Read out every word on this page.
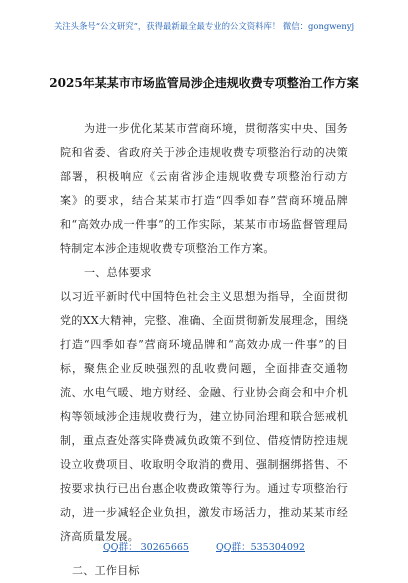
关注头条号“公文研究”，获得最新最全最专业的公文资料库！ 微信：gongwenyj
2025年某某市市场监管局涉企违规收费专项整治工作方案

为进一步优化某某市营商环境，贯彻落实中央、国务院和省委、省政府关于涉企违规收费专项整治行动的决策部署，积极响应《云南省涉企违规收费专项整治行动方案》的要求，结合某某市打造“四季如春”营商环境品牌和“高效办成一件事”的工作实际，某某市市场监督管理局特制定本涉企违规收费专项整治工作方案。

一、总体要求

以习近平新时代中国特色社会主义思想为指导，全面贯彻党的XX大精神，完整、准确、全面贯彻新发展理念，围绕打造“四季如春”营商环境品牌和“高效办成一件事”的目标，聚焦企业反映强烈的乱收费问题，全面排查交通物流、水电气暖、地方财经、金融、行业协会商会和中介机构等领域涉企违规收费行为，建立协同治理和联合惩戒机制，重点查处落实降费减负政策不到位、借疫情防控违规设立收费项目、收取明令取消的费用、强制捆绑搭售、不按要求执行已出台惠企收费政策等行为。通过专项整治行动，进一步减轻企业负担，激发市场活力，推动某某市经济高质量发展。

二、工作目标

QQ群： 30265665	QQ群：535304092
